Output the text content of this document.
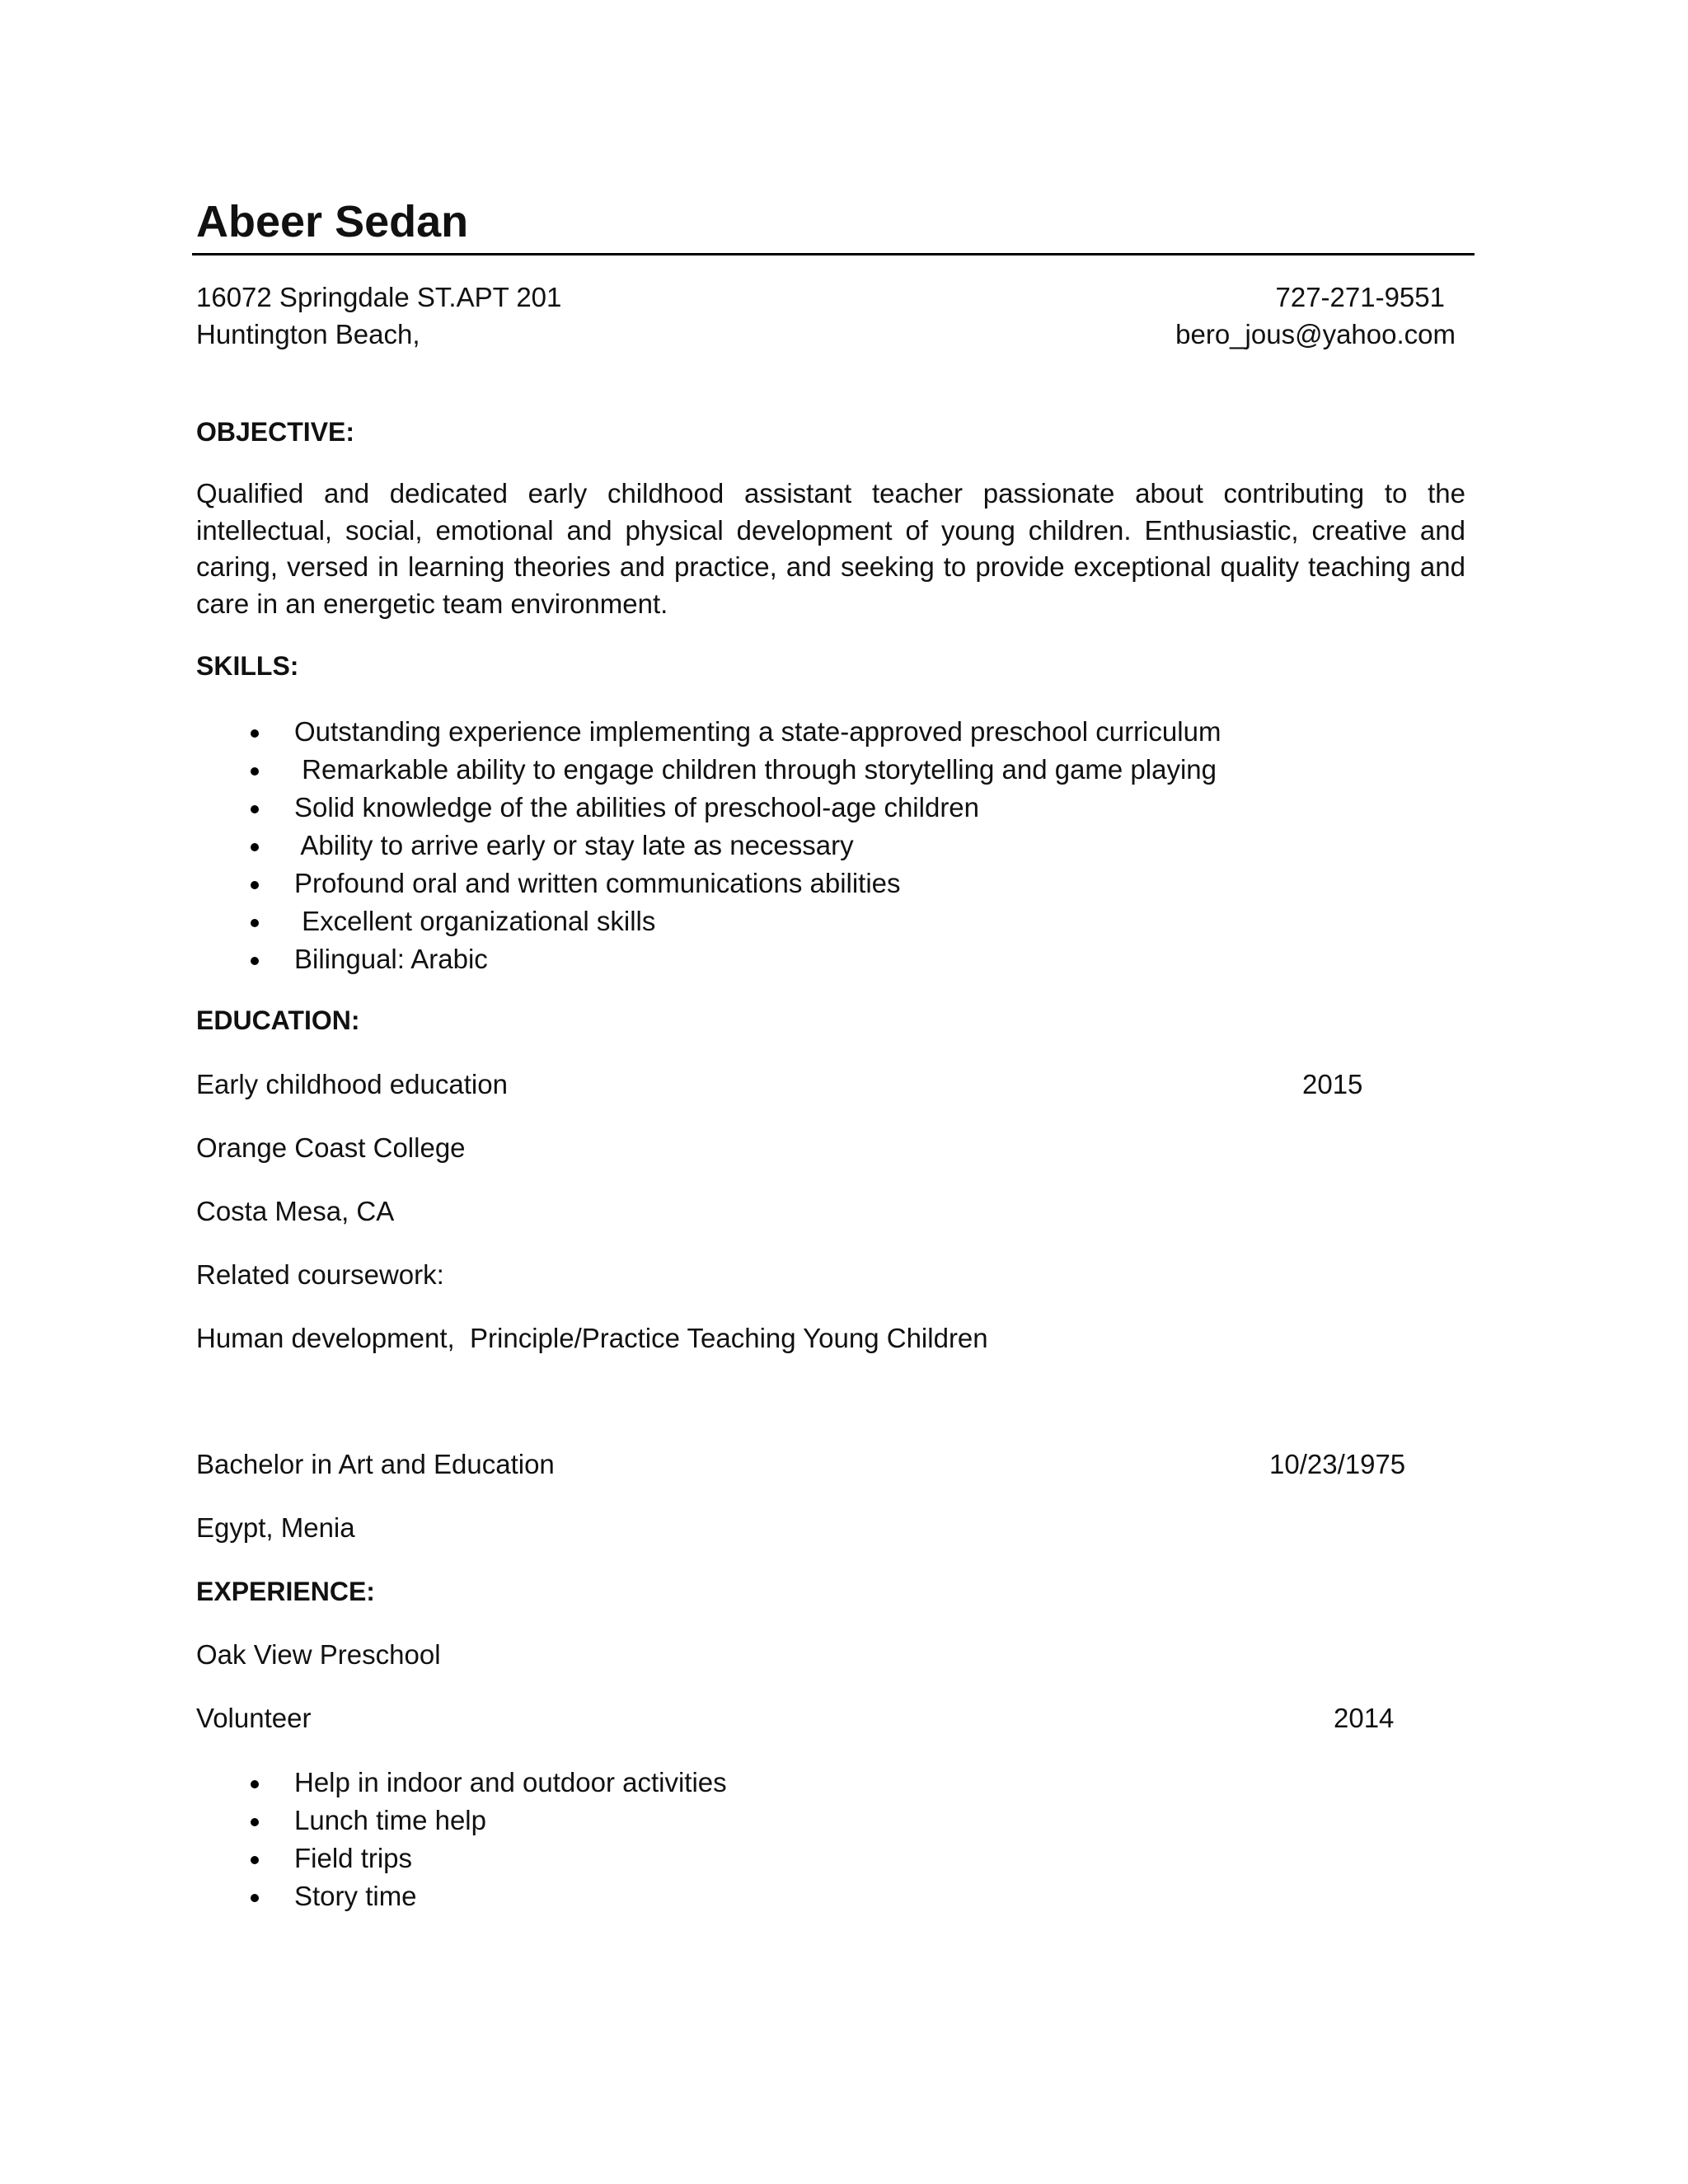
Abeer Sedan
16072 Springdale ST.APT 201
Huntington Beach,
727-271-9551
bero_jous@yahoo.com
OBJECTIVE:
Qualified and dedicated early childhood assistant teacher passionate about contributing to the intellectual, social, emotional and physical development of young children. Enthusiastic, creative and caring, versed in learning theories and practice, and seeking to provide exceptional quality teaching and care in an energetic team environment.
SKILLS:
Outstanding experience implementing a state-approved preschool curriculum
Remarkable ability to engage children through storytelling and game playing
Solid knowledge of the abilities of preschool-age children
Ability to arrive early or stay late as necessary
Profound oral and written communications abilities
Excellent organizational skills
Bilingual: Arabic
EDUCATION:
Early childhood education	2015
Orange Coast College
Costa Mesa, CA
Related coursework:
Human development,  Principle/Practice Teaching Young Children
Bachelor in Art and Education	10/23/1975
Egypt, Menia
EXPERIENCE:
Oak View Preschool
Volunteer	2014
Help in indoor and outdoor activities
Lunch time help
Field trips
Story time
